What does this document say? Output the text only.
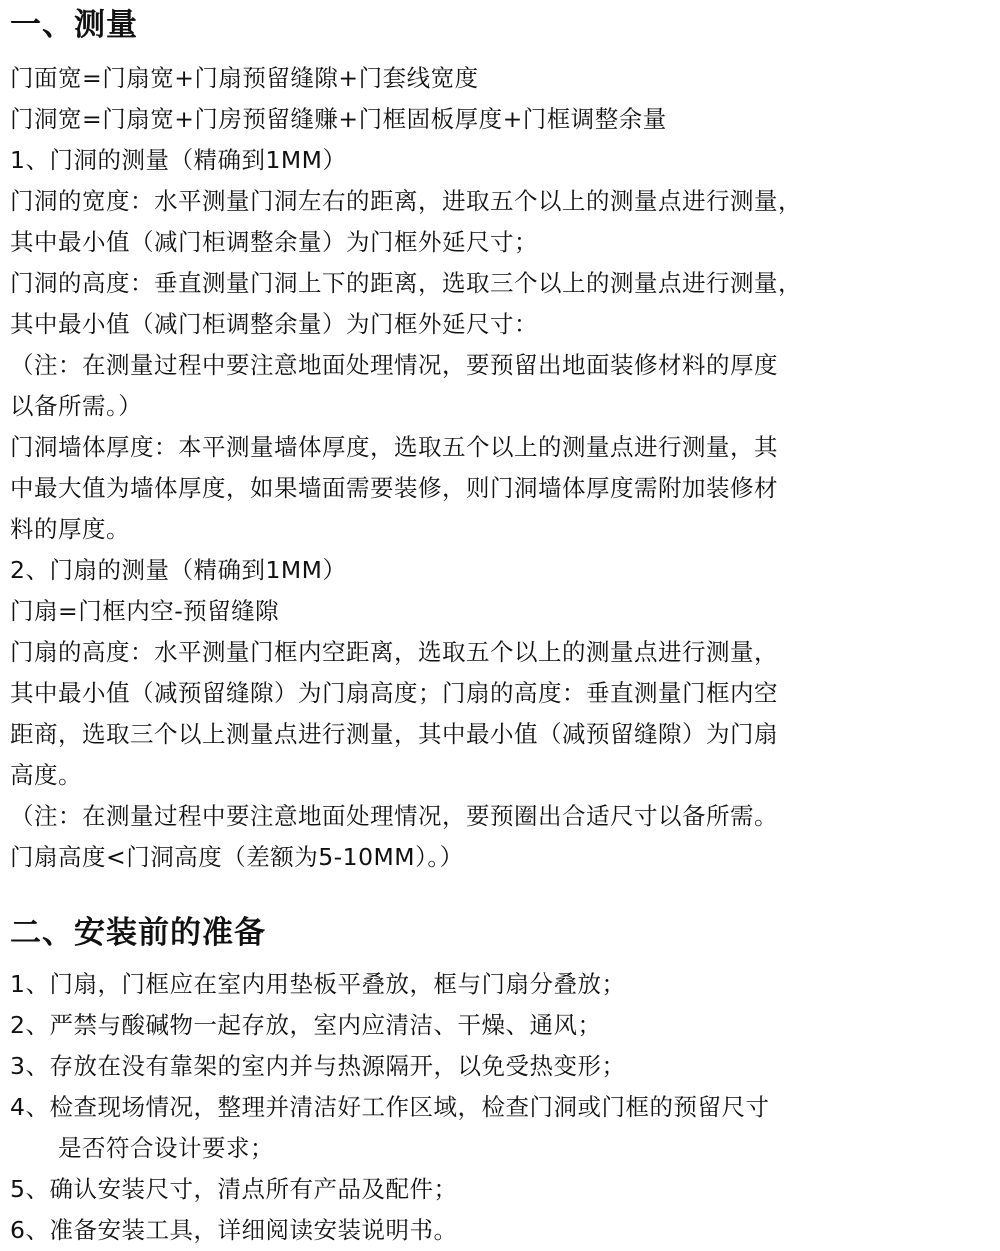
一、测量

门面宽=门扇宽+门扇预留缝隙+门套线宽度

门洞宽=门扇宽+门房预留缝赚+门框固板厚度+门框调整余量

1、门洞的测量（精确到1MM）

门洞的宽度：水平测量门洞左右的距离，进取五个以上的测量点进行测量，

其中最小值（减门柜调整余量）为门框外延尺寸；

门洞的高度：垂直测量门洞上下的距离，选取三个以上的测量点进行测量，

其中最小值（减门柜调整余量）为门框外延尺寸：

（注：在测量过程中要注意地面处理情况，要预留出地面装修材料的厚度

以备所需。）

门洞墙体厚度：本平测量墙体厚度，选取五个以上的测量点进行测量，其

中最大值为墙体厚度，如果墙面需要装修，则门洞墙体厚度需附加装修材

料的厚度。

2、门扇的测量（精确到1MM）

门扇=门框内空-预留缝隙

门扇的高度：水平测量门框内空距离，选取五个以上的测量点进行测量，

其中最小值（减预留缝隙）为门扇高度；门扇的高度：垂直测量门框内空

距商，选取三个以上测量点进行测量，其中最小值（减预留缝隙）为门扇

高度。

（注：在测量过程中要注意地面处理情况，要预圈出合适尺寸以备所需。

门扇高度<门洞高度（差额为5-10MM）。）

二、安装前的准备

1、门扇，门框应在室内用垫板平叠放，框与门扇分叠放；

2、严禁与酸碱物一起存放，室内应清洁、干燥、通风；

3、存放在没有靠架的室内并与热源隔开，以免受热变形；

4、检查现场情况，整理并清洁好工作区域，检查门洞或门框的预留尺寸

是否符合设计要求；

5、确认安装尺寸，清点所有产品及配件；

6、准备安装工具，详细阅读安装说明书。
